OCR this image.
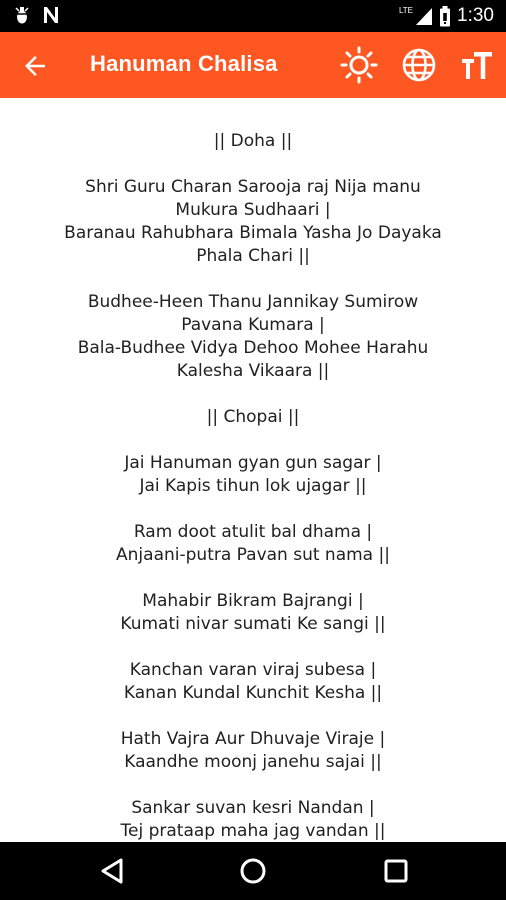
LTE 1:30
Hanuman Chalisa
|| Doha ||
Shri Guru Charan Sarooja raj Nija manu
Mukura Sudhaari |
Baranau Rahubhara Bimala Yasha Jo Dayaka
Phala Chari ||
Budhee-Heen Thanu Jannikay Sumirow
Pavana Kumara |
Bala-Budhee Vidya Dehoo Mohee Harahu
Kalesha Vikaara ||
|| Chopai ||
Jai Hanuman gyan gun sagar |
Jai Kapis tihun lok ujagar ||
Ram doot atulit bal dhama |
Anjaani-putra Pavan sut nama ||
Mahabir Bikram Bajrangi |
Kumati nivar sumati Ke sangi ||
Kanchan varan viraj subesa |
Kanan Kundal Kunchit Kesha ||
Hath Vajra Aur Dhuvaje Viraje |
Kaandhe moonj janehu sajai ||
Sankar suvan kesri Nandan |
Tej prataap maha jag vandan ||
